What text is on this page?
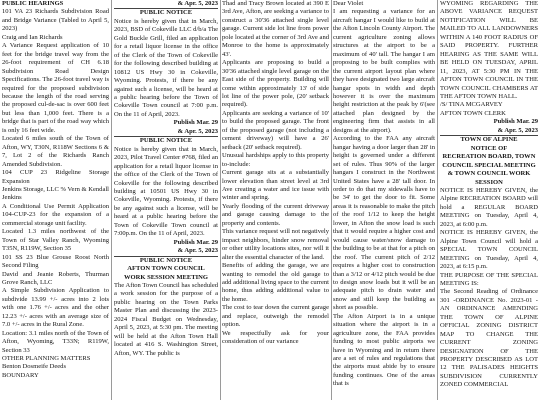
PUBLIC HEARINGS

101 VA 23 Richards Subdivision Road and Bridge Variance (Tabled to April 5, 2023)

Craig and Ian Richards

A Variance Request application of 10 feet for the bridge travel way from the 26-foot requirement of CH 6.18 Subdivision Road Design Specifications. The 26-foot travel way is required for the proposed subdivision because the length of the road serving the proposed cul-de-sac is over 600 feet but less than 1,000 feet. There is a bridge that is part of the road way which is only 16 feet wide.

Located 6 miles south of the Town of Afton, WY, T30N, R118W Sections 6 & 7, Lot 2 of the Richards Ranch Amended Subdivision.

104 CUP 23 Ridgeline Storage Expansion

Jenkins Storage, LLC % Vern & Kendall Jenkins

A Conditional Use Permit Application 104-CUP-23 for the expansion of a commercial storage unit facility.

Located 1.3 miles northwest of the Town of Star Valley Ranch, Wyoming T35N, R119W, Section 35

101 SS 23 Blue Grouse Roost North Second Filing

David and Jeanie Roberts, Thurman Grove Ranch, LLC

A Simple Subdivision Application to subdivide 13.99 +/- acres into 2 lots with one 1.76 +/- acres and the other 12.23 +/- acres with an average size of 7.0 +/- acres in the Rural Zone.

Location: 3.1 miles north of the Town of Afton, Wyoming, T33N; R119W, Section 33

OTHER PLANNING MATTERS

Benton Dosmeife Deeds

BOUNDARY

& Apr. 5, 2023

PUBLIC NOTICE

Notice is hereby given that in March, 2023, BSD of Cokeville LLC d/b/a The Gold Buckle Grill, filed an application for a retail liquor license in the office of the Clerk of the Town of Cokeville for the following described building at 10812 US Hwy 30 in Cokeville, Wyoming. Protests, if there be any against such a license, will be heard at a public hearing before the Town of Cokeville Town council at 7:00 p.m. On the 11 of April, 2023.

Publish Mar. 29

& Apr. 5, 2023

PUBLIC NOTICE

Notice is hereby given that in March, 2023, Pilot Travel Center #768, filed an application for a retail liquor license in the office of the Clerk of the Town of Cokeville for the following described building at 10501 US Hwy 30 in Cokeville, Wyoming. Protests, if there be any against such a license, will be heard at a public hearing before the Town of Cokeville Town council at 7:00p.m. On the 11 of April, 2023.

Publish Mar. 29

& Apr. 5, 2023

PUBLIC NOTICE

AFTON TOWN COUNCIL

WORK SESSION MEETING

The Afton Town Council has scheduled a work session for the purpose of a public hearing on the Town Parks Master Plan and discussing the 2023-2024 Fiscal Budget on Wednesday, April 5, 2023, at 5:30 pm. The meeting will be held at the Afton Town Hall located at 416 S. Washington Street, Afton, WY. The public is

Thad and Tracy Brown located at 390 E 3rd Ave, Afton, are seeking a variance to construct a 30'36 attached single level garage. Current side lot line from power pole located at the corner of 3rd Ave and Monroe to the home is approximately 43'.

Applicants are proposing to build a 30'36 attached single level garage on the East side of the property. Building will come within approximately 13' of side lot line of the power pole, (20' setback required).

Applicants are seeking a variance of 10' to build the proposed garage. The front of the proposed garage (not including a cement driveway) will have a 26' setback (20' setback required).

Unusual hardships apply to this property to-include:

Current garage sits at a substantially lower elevation than street level at 3rd Ave creating a water and ice issue with winter and spring.

Yearly flooding of the current driveway and garage causing damage to the property and contents.

This variance request will not negatively impact neighbors, hinder snow removal or other utility locations sites, nor will it alter the essential character of the land.

Benefits of adding the garage, we are wanting to remodel the old garage to add additional living space to the current home, thus adding additional value to the home.

The cost to tear down the current garage and replace, outweigh the remodel option.

We respectfully ask for your consideration of our variance

Dear Violet

I am requesting a variance for an aircraft hangar I would like to build at the Afton Lincoln County Airport. The current agriculture zoning allows structures at the airport to be a maximum of 40' tall. The hangar I am proposing to be built complies with the current airport layout plan where they have designated two large aircraft hangar spots in width and depth however it is over the maximum height restriction at the peak by 6'(see attached plan designed by the engineering firm that assists in all designs at the airport).

According to the FAA any aircraft hangar having a door larger than 28' in height is governed under a different set of rules. Thus 90% of the larger hangars I construct in the Northwest United States have a 28' tall door. In order to do that my sidewalls have to be 34' to get the door to fit. Some areas it is reasonable to make the pitch of the roof 1/12 to keep the height lower, in Afton the snow load is such that it would require a higher cost and would cause water/snow damage to the building to be at that for a pitch on the roof. The current pitch of 2/12 requires a higher cost to construction than a 3/12 or 4/12 pitch would be due to design snow loads but it will be an adequate pitch to drain water and snow and still keep the building as short as possible.

The Afton Airport is in a unique situation where the airport is in a agriculture zone, the FAA provides funding to most public airports we have in Wyoming and in return there are a set of rules and regulations that the airports must abide by to ensure funding continues. One of the areas that is

WYOMING REGARDING THE ABOVE VARIANCE REQUEST NOTIFICATION WILL BE MAILED TO ALL LANDOWNERS WITHIN A 140 FOOT RADIUS OF SAID PROPERTY. FURTHER HEARING AS THE SAME WILL BE HELD ON TUESDAY, APRIL 11, 2023, AT 5:30 PM IN THE AFTON TOWN COUNCIL IN THE TOWN COUNCIL CHAMBERS AT THE AFTON TOWN HALL.

/S/ TINA MCGARVEY

AFTON TOWN CLERK

Publish Mar. 29

& Apr. 5, 2023

TOWN OF ALPINE

NOTICE OF

RECREATION BOARD, TOWN COUNCIL SPECIAL MEETING & TOWN COUNCIL WORK SESSION

NOTICE IS HEREBY GIVEN, the Alpine RECREATION BOARD will hold a REGULAR BOARD MEETING on Tuesday, April 4, 2023, at 6:00 p.m.

NOTICE IS HEREBY GIVEN, the Alpine Town Council will hold a SPECIAL TOWN COUNCIL MEETING on Tuesday, April 4, 2023, at 6:15 p.m.

THE PURPOSE OF THE SPECIAL MEETING IS:

The Second Reading of Ordinance 301 -ORDINANCE No. 2023-01 - AN ORDINANCE AMENDING THE TOWN OF ALPINE OFFICIAL ZONING DISTRICT MAP TO CHANGE THE CURRENT ZONING DESIGNATION OF THE PROPERTY DESCRIBED AS LOT 12 THE PALISADES HEIGHTS SUBDIVISION CURRENTLY ZONED COMMERCIAL
